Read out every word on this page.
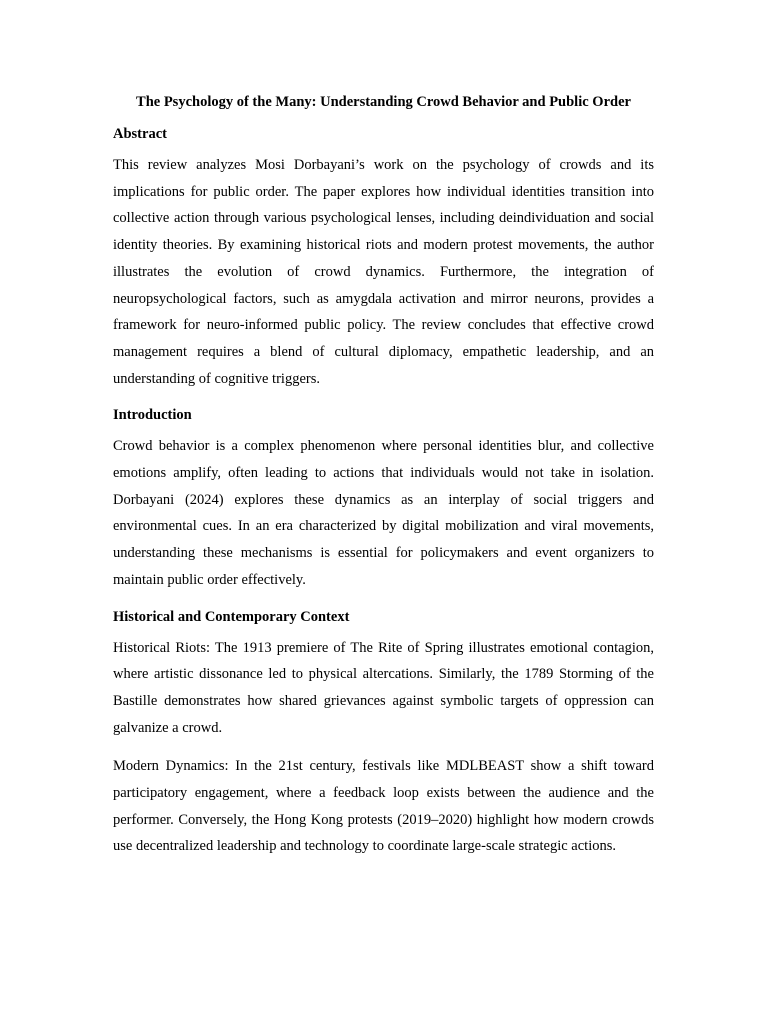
The Psychology of the Many: Understanding Crowd Behavior and Public Order
Abstract

This review analyzes Mosi Dorbayani’s work on the psychology of crowds and its implications for public order. The paper explores how individual identities transition into collective action through various psychological lenses, including deindividuation and social identity theories. By examining historical riots and modern protest movements, the author illustrates the evolution of crowd dynamics. Furthermore, the integration of neuropsychological factors, such as amygdala activation and mirror neurons, provides a framework for neuro-informed public policy. The review concludes that effective crowd management requires a blend of cultural diplomacy, empathetic leadership, and an understanding of cognitive triggers.

Introduction

Crowd behavior is a complex phenomenon where personal identities blur, and collective emotions amplify, often leading to actions that individuals would not take in isolation. Dorbayani (2024) explores these dynamics as an interplay of social triggers and environmental cues. In an era characterized by digital mobilization and viral movements, understanding these mechanisms is essential for policymakers and event organizers to maintain public order effectively.

Historical and Contemporary Context

Historical Riots: The 1913 premiere of The Rite of Spring illustrates emotional contagion, where artistic dissonance led to physical altercations. Similarly, the 1789 Storming of the Bastille demonstrates how shared grievances against symbolic targets of oppression can galvanize a crowd.

Modern Dynamics: In the 21st century, festivals like MDLBEAST show a shift toward participatory engagement, where a feedback loop exists between the audience and the performer. Conversely, the Hong Kong protests (2019–2020) highlight how modern crowds use decentralized leadership and technology to coordinate large-scale strategic actions.
